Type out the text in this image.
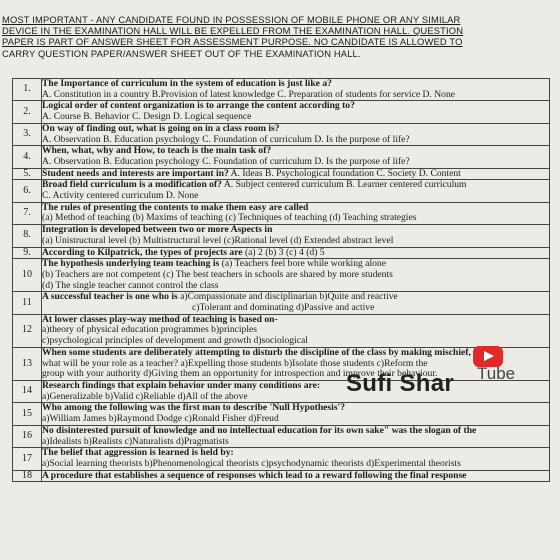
MOST IMPORTANT - ANY CANDIDATE FOUND IN POSSESSION OF MOBILE PHONE OR ANY SIMILAR
DEVICE IN THE EXAMINATION HALL WILL BE EXPELLED FROM THE EXAMINATION HALL. QUESTION
PAPER IS PART OF ANSWER SHEET FOR ASSESSMENT PURPOSE. NO CANDIDATE IS ALLOWED TO
CARRY QUESTION PAPER/ANSWER SHEET OUT OF THE EXAMINATION HALL.
1.	The Importance of curriculum in the system of education is just like a?
A. Constitution in a country B.Provision of latest knowledge C. Preparation of students for service D. None

2.	Logical order of content organization is to arrange the content according to?
A. Course B. Behavior C. Design D. Logical sequence

3.	On way of finding out, what is going on in a class room is?
A. Observation B. Education psychology C. Foundation of curriculum D. Is the purpose of life?

4.	When, what, why and How, to teach is the main task of?
A. Observation B. Education psychology C. Foundation of curriculum D. Is the purpose of life?

5.	Student needs and interests are important in? A. Ideas B. Psychological foundation C. Society D. Content

6.	Broad field curriculum is a modification of? A. Subject centered curriculum B. Learner centered curriculum
C. Activity centered curriculum D. None

7.	The rules of presenting the contents to make them easy are called
(a) Method of teaching (b) Maxims of teaching (c) Techniques of teaching (d) Teaching strategies

8.	Integration is developed between two or more Aspects in
(a) Unistructural level (b) Multistructural level (c)Rational level (d) Extended abstract level

9.	According to Kilpatrick, the types of projects are (a) 2 (b) 3 (c) 4 (d) 5

10	The hypothesis underlying team teaching is (a) Teachers feel bore while working alone
(b) Teachers are not competent (c) The best teachers in schools are shared by more students
(d) The single teacher cannot control the class

11	A successful teacher is one who is a)Compassionate and disciplinarian b)Quite and reactive
c)Tolerant and dominating d)Passive and active

12	At lower classes play-way method of teaching is based on-
a)theory of physical education programmes b)principles
c)psychological principles of development and growth d)sociological

13	When some students are deliberately attempting to disturb the discipline of the class by making mischief,
what will be your role as a teacher? a)Expelling those students b)Isolate those students c)Reform the
group with your authority d)Giving them an opportunity for introspection and improve their behaviour.

14	Research findings that explain behavior under many conditions are:
a)Generalizable b)Valid c)Reliable d)All of the above

15	Who among the following was the first man to describe 'Null Hypothesis'?
a)William James b)Raymond Dodge c)Ronald Fisher d)Freud

16	No disinterested pursuit of knowledge and no intellectual education for its own sake" was the slogan of the
a)Idealists b)Realists c)Naturalists d)Pragmatists

17	The belief that aggression is learned is held by:
a)Social learning theorists b)Phenomenological theorists c)psychodynamic theorists d)Experimental theorists

18	A procedure that establishes a sequence of responses which lead to a reward following the final response
Tube
Sufi Shar
